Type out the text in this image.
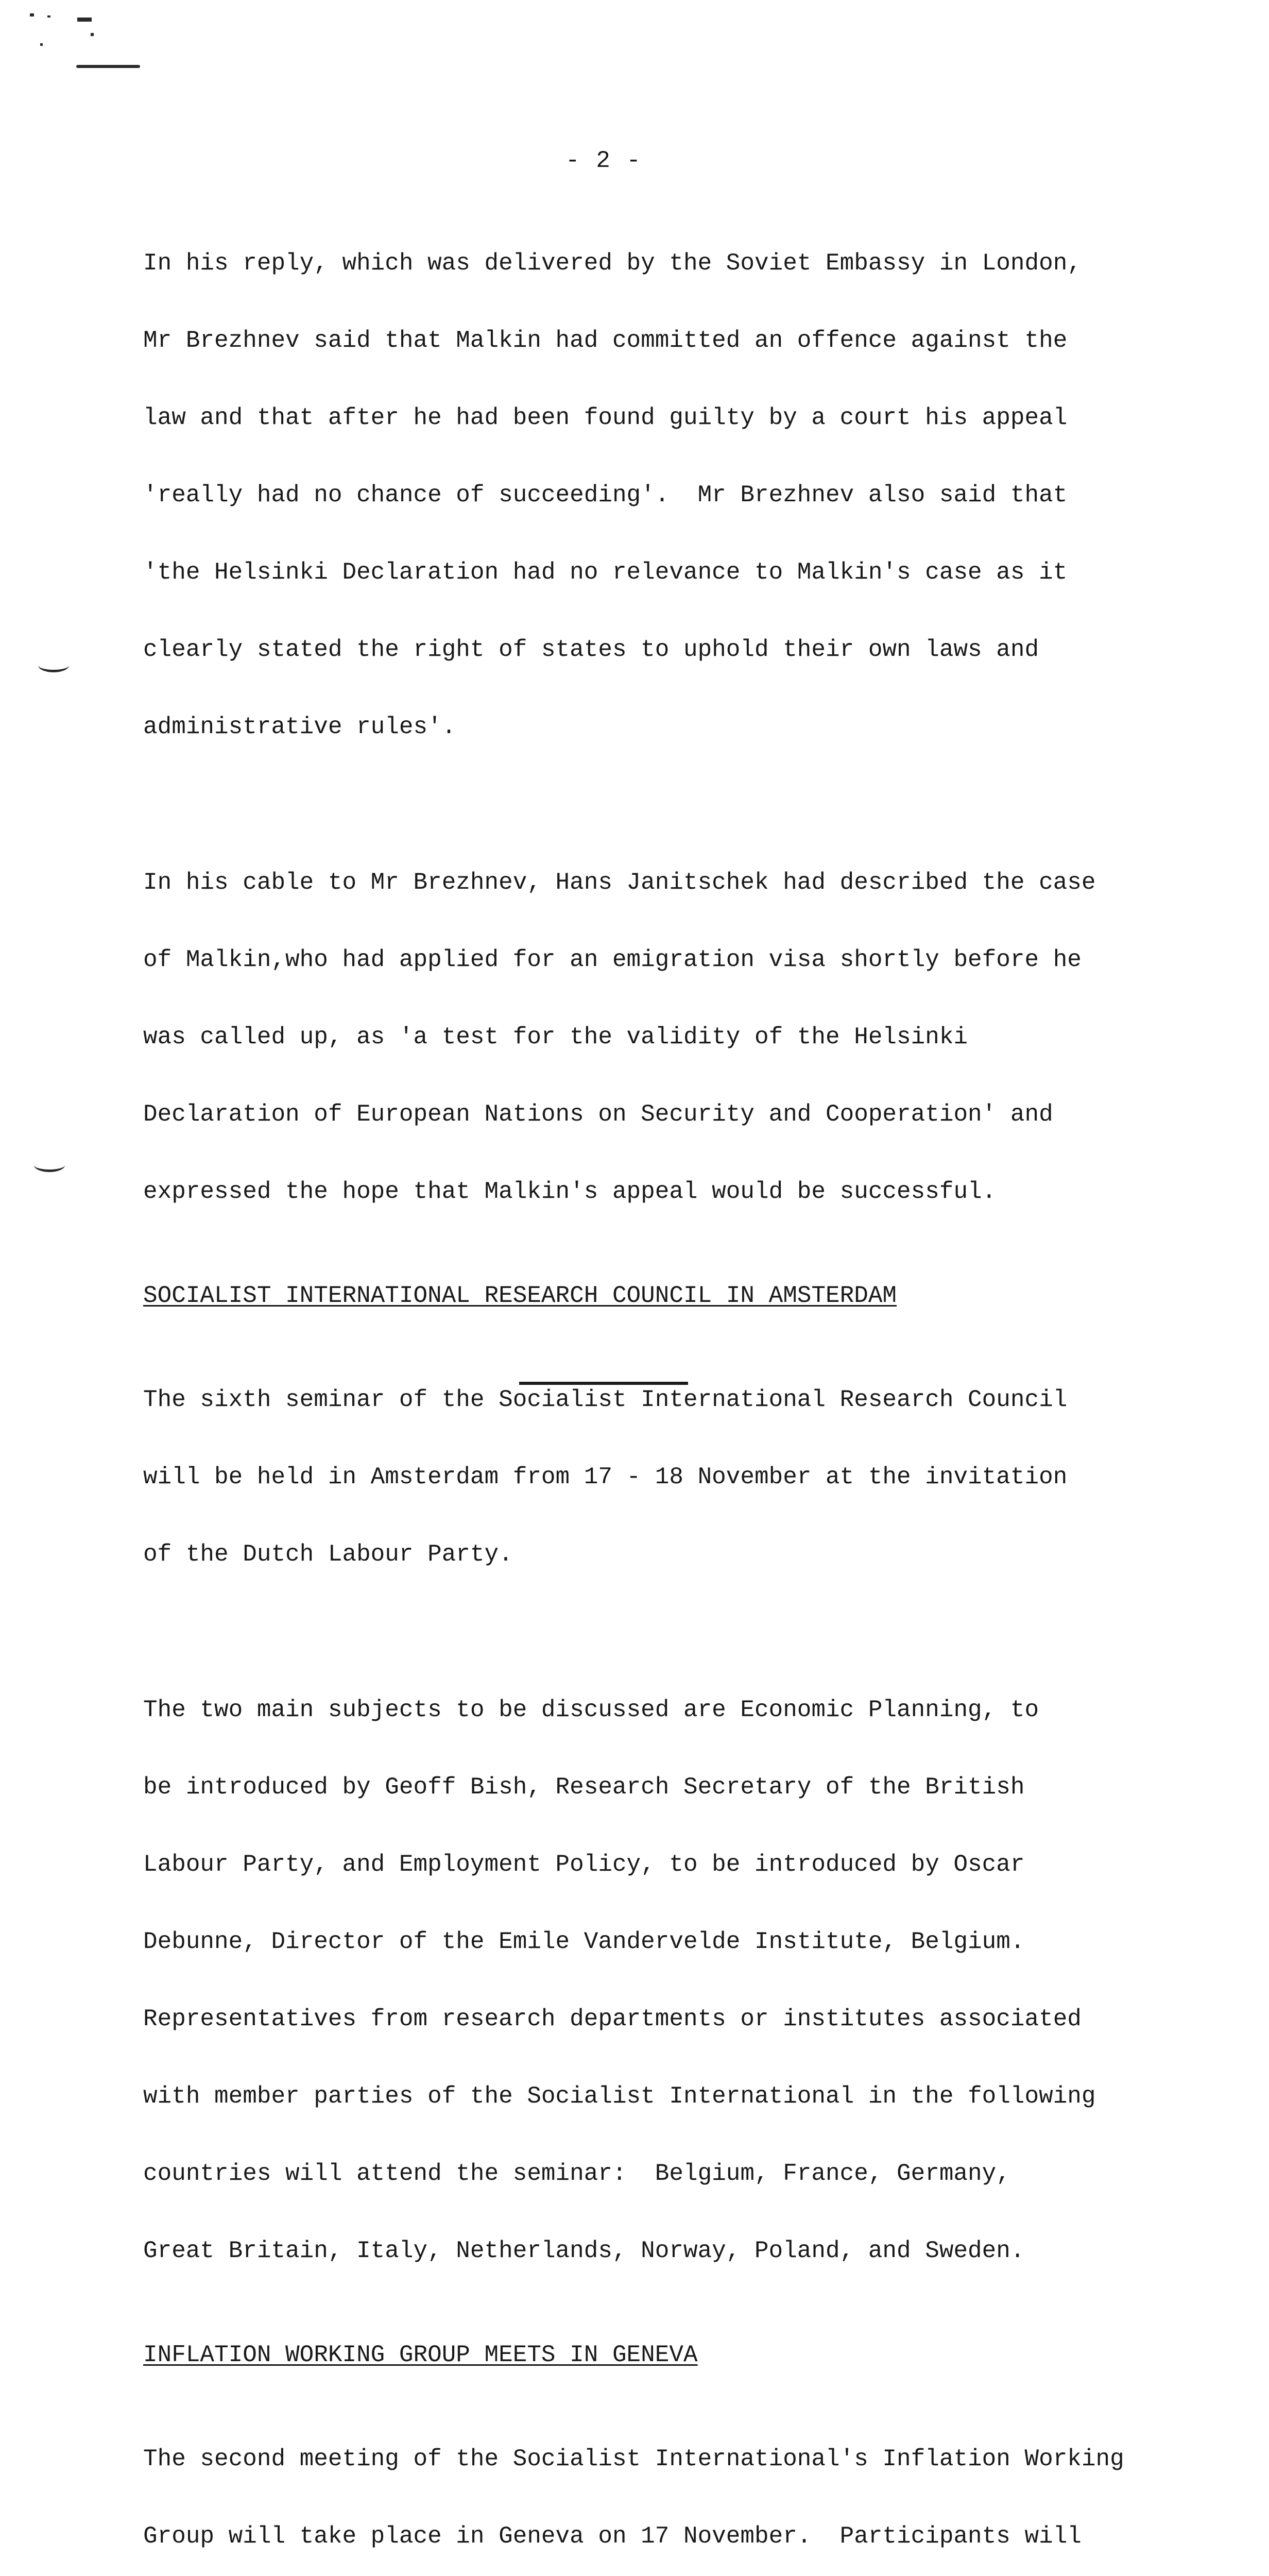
- 2 -

In his reply, which was delivered by the Soviet Embassy in London,

Mr Brezhnev said that Malkin had committed an offence against the

law and that after he had been found guilty by a court his appeal

'really had no chance of succeeding'.  Mr Brezhnev also said that

'the Helsinki Declaration had no relevance to Malkin's case as it

clearly stated the right of states to uphold their own laws and

administrative rules'.

In his cable to Mr Brezhnev, Hans Janitschek had described the case

of Malkin,who had applied for an emigration visa shortly before he

was called up, as 'a test for the validity of the Helsinki

Declaration of European Nations on Security and Cooperation' and

expressed the hope that Malkin's appeal would be successful.

SOCIALIST INTERNATIONAL RESEARCH COUNCIL IN AMSTERDAM

The sixth seminar of the Socialist International Research Council

will be held in Amsterdam from 17 - 18 November at the invitation

of the Dutch Labour Party.

The two main subjects to be discussed are Economic Planning, to

be introduced by Geoff Bish, Research Secretary of the British

Labour Party, and Employment Policy, to be introduced by Oscar

Debunne, Director of the Emile Vandervelde Institute, Belgium.

Representatives from research departments or institutes associated

with member parties of the Socialist International in the following

countries will attend the seminar:  Belgium, France, Germany,

Great Britain, Italy, Netherlands, Norway, Poland, and Sweden.

INFLATION WORKING GROUP MEETS IN GENEVA

The second meeting of the Socialist International's Inflation Working

Group will take place in Geneva on 17 November.  Participants will
